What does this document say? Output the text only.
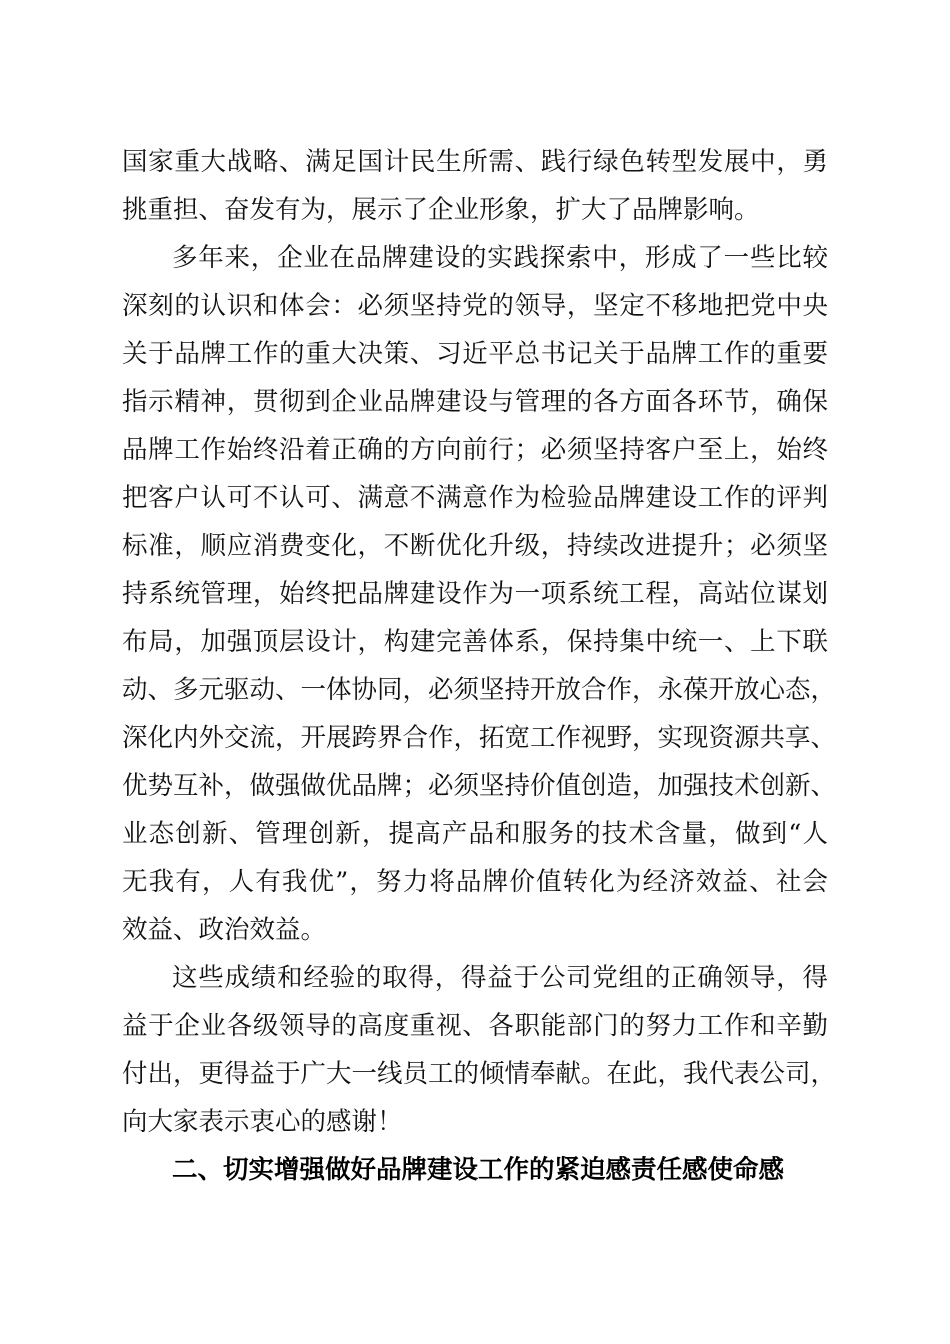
国家重大战略、满足国计民生所需、践行绿色转型发展中，勇
挑重担、奋发有为，展示了企业形象，扩大了品牌影响。
多年来，企业在品牌建设的实践探索中，形成了一些比较
深刻的认识和体会：必须坚持党的领导，坚定不移地把党中央
关于品牌工作的重大决策、习近平总书记关于品牌工作的重要
指示精神，贯彻到企业品牌建设与管理的各方面各环节，确保
品牌工作始终沿着正确的方向前行；必须坚持客户至上，始终
把客户认可不认可、满意不满意作为检验品牌建设工作的评判
标准，顺应消费变化，不断优化升级，持续改进提升；必须坚
持系统管理，始终把品牌建设作为一项系统工程，高站位谋划
布局，加强顶层设计，构建完善体系，保持集中统一、上下联
动、多元驱动、一体协同，必须坚持开放合作，永葆开放心态，
深化内外交流，开展跨界合作，拓宽工作视野，实现资源共享、
优势互补，做强做优品牌；必须坚持价值创造，加强技术创新、
业态创新、管理创新，提高产品和服务的技术含量，做到“人
无我有，人有我优”，努力将品牌价值转化为经济效益、社会
效益、政治效益。
这些成绩和经验的取得，得益于公司党组的正确领导，得
益于企业各级领导的高度重视、各职能部门的努力工作和辛勤
付出，更得益于广大一线员工的倾情奉献。在此，我代表公司，
向大家表示衷心的感谢！
二、切实增强做好品牌建设工作的紧迫感责任感使命感
